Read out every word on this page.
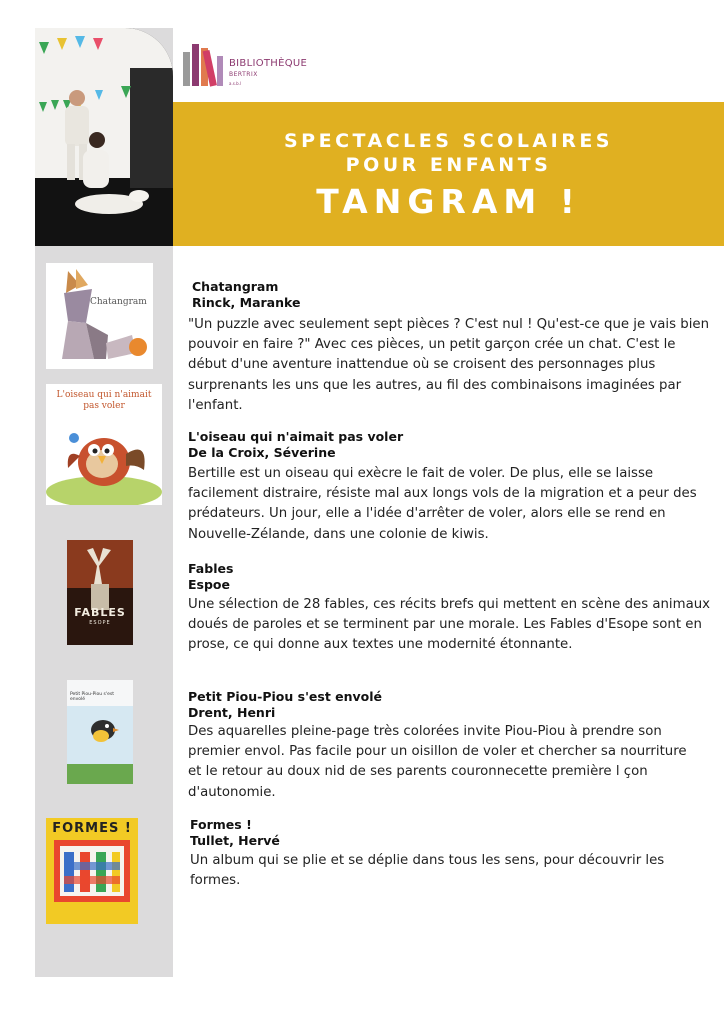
BIBLIOTHÈQUE
BERTRIX
a.s.b.l
SPECTACLES SCOLAIRES
POUR ENFANTS
TANGRAM !
Chatangram
L'oiseau qui n'aimait pas voler
FABLES
ESOPE
Petit Piou-Piou s'est envolé
FORMES !
Chatangram
Rinck, Maranke
"Un puzzle avec seulement sept pièces ? C'est nul ! Qu'est-ce que je vais bien pouvoir en faire ?" Avec ces pièces, un petit garçon crée un chat. C'est le début d'une aventure inattendue où se croisent des personnages plus surprenants les uns que les autres, au fil des combinaisons imaginées par l'enfant.
L'oiseau qui n'aimait pas voler
De la Croix, Séverine
Bertille est un oiseau qui exècre le fait de voler. De plus, elle se laisse facilement distraire, résiste mal aux longs vols de la migration et a peur des prédateurs. Un jour, elle a l'idée d'arrêter de voler, alors elle se rend en Nouvelle-Zélande, dans une colonie de kiwis.
Fables
Espoe
Une sélection de 28 fables, ces récits brefs qui mettent en scène des animaux doués de paroles et se terminent par une morale. Les Fables d'Esope sont en prose, ce qui donne aux textes une modernité étonnante.
Petit Piou-Piou s'est envolé
Drent, Henri
Des aquarelles pleine-page très colorées invite Piou-Piou à prendre son premier envol. Pas facile pour un oisillon de voler et chercher sa nourriture et le retour au doux nid de ses parents couronnecette première l çon d'autonomie.
Formes !
Tullet, Hervé
Un album qui se plie et se déplie dans tous les sens, pour découvrir les formes.
